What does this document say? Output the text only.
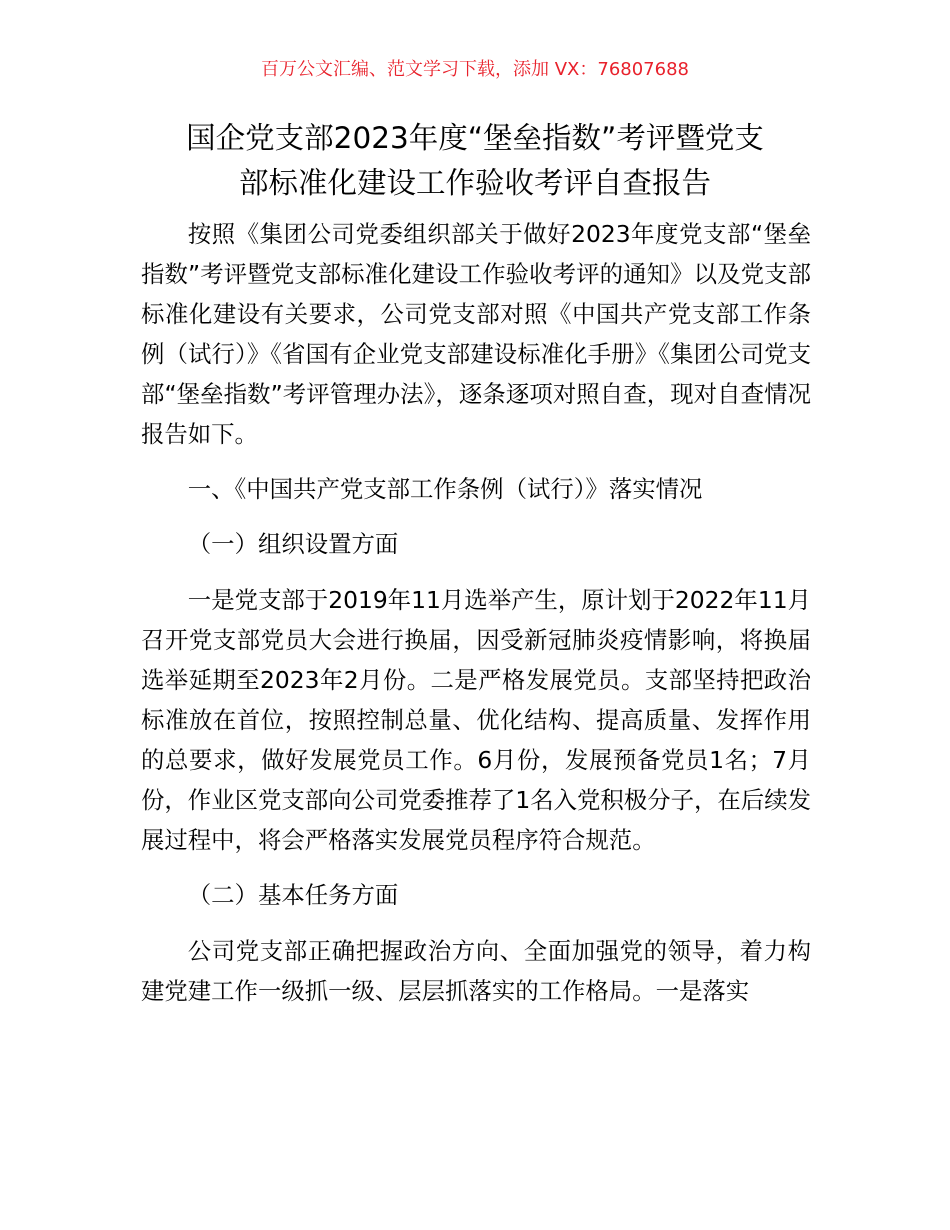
百万公文汇编、范文学习下载，添加 VX：76807688
国企党支部2023年度“堡垒指数”考评暨党支
部标准化建设工作验收考评自查报告

按照《集团公司党委组织部关于做好2023年度党支部“堡垒指数”考评暨党支部标准化建设工作验收考评的通知》以及党支部标准化建设有关要求，公司党支部对照《中国共产党支部工作条例（试行）》《省国有企业党支部建设标准化手册》《集团公司党支部“堡垒指数”考评管理办法》，逐条逐项对照自查，现对自查情况报告如下。

一、《中国共产党支部工作条例（试行）》落实情况

（一）组织设置方面

一是党支部于2019年11月选举产生，原计划于2022年11月召开党支部党员大会进行换届，因受新冠肺炎疫情影响，将换届选举延期至2023年2月份。二是严格发展党员。支部坚持把政治标准放在首位，按照控制总量、优化结构、提高质量、发挥作用的总要求，做好发展党员工作。6月份，发展预备党员1名；7月份，作业区党支部向公司党委推荐了1名入党积极分子，在后续发展过程中，将会严格落实发展党员程序符合规范。

（二）基本任务方面

公司党支部正确把握政治方向、全面加强党的领导，着力构建党建工作一级抓一级、层层抓落实的工作格局。一是落实
